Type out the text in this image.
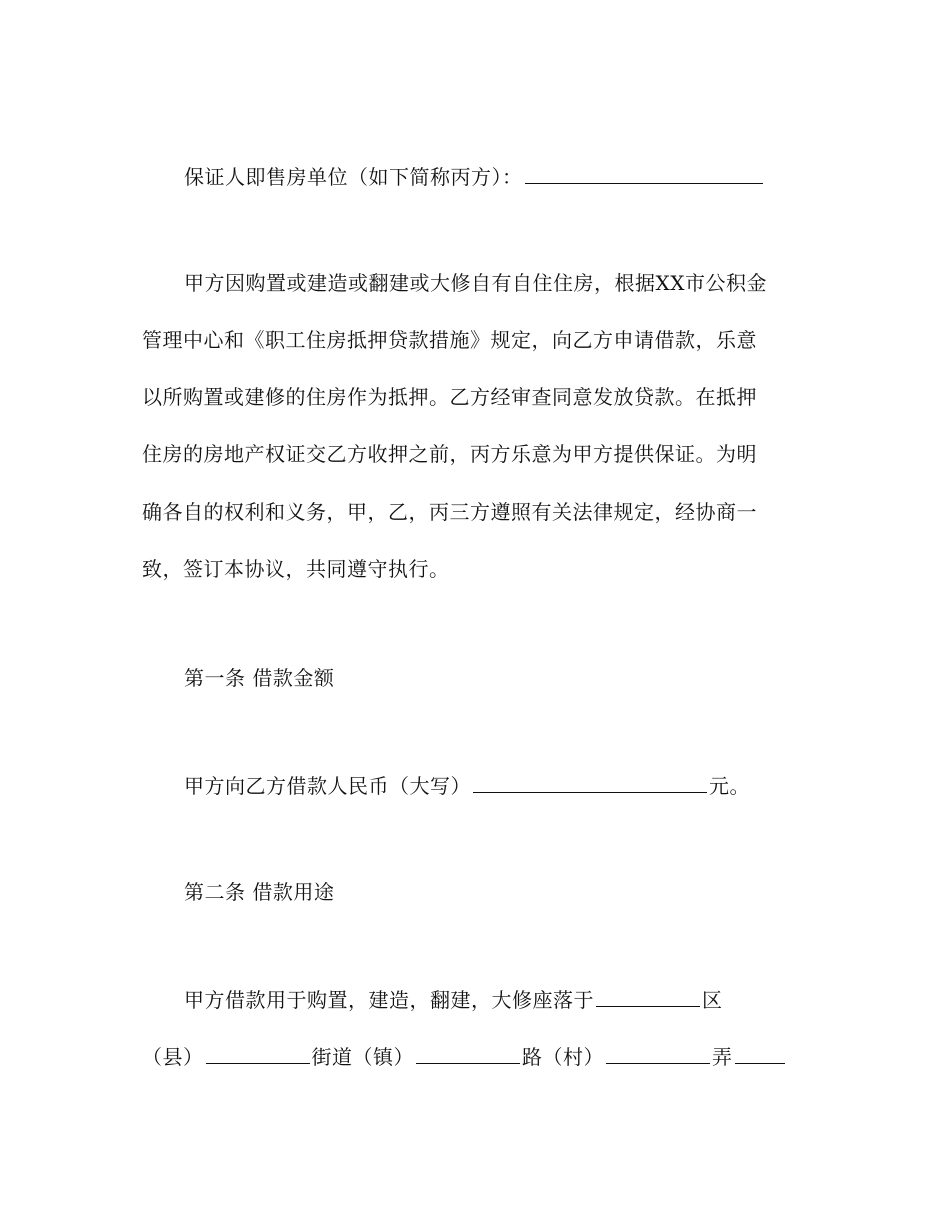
保证人即售房单位（如下简称丙方）：
甲方因购置或建造或翻建或大修自有自住住房，根据XX市公积金
管理中心和《职工住房抵押贷款措施》规定，向乙方申请借款，乐意
以所购置或建修的住房作为抵押。乙方经审查同意发放贷款。在抵押
住房的房地产权证交乙方收押之前，丙方乐意为甲方提供保证。为明
确各自的权利和义务，甲，乙，丙三方遵照有关法律规定，经协商一
致，签订本协议，共同遵守执行。
第一条 借款金额
甲方向乙方借款人民币（大写）	元。
第二条 借款用途
甲方借款用于购置，建造，翻建，大修座落于	区
（县）	街道（镇）	路（村）	弄
